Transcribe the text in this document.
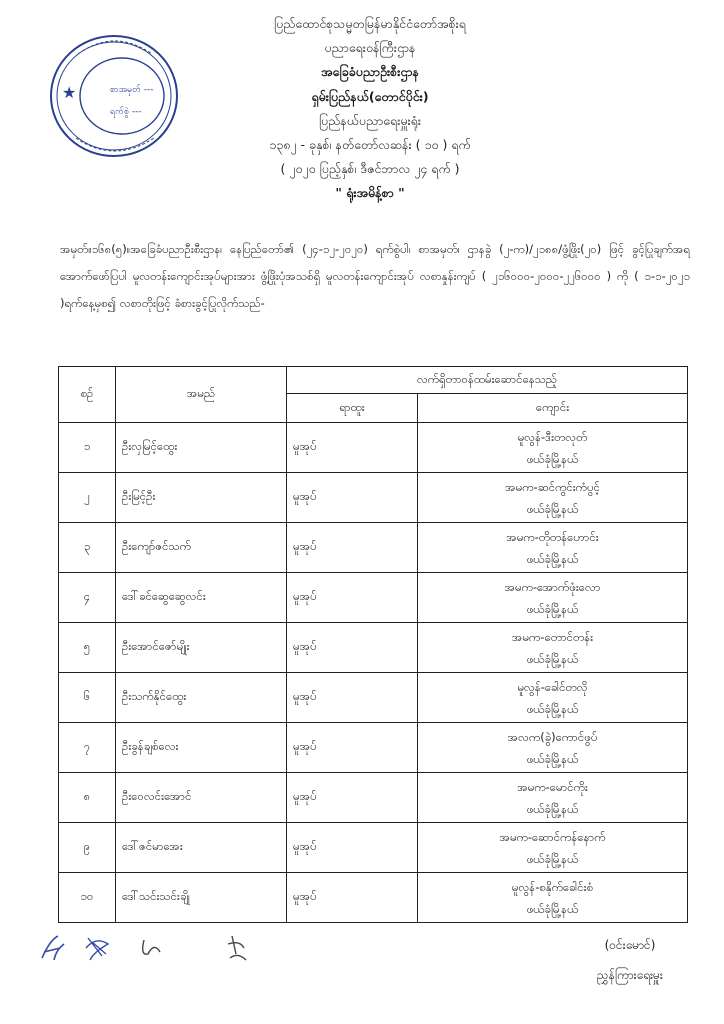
★	စာအမှတ် ---
ရက်စွဲ ---
ပြည်ထောင်စုသမ္မတမြန်မာနိုင်ငံတော်အစိုးရ
ပညာရေးဝန်ကြီးဌာန
အခြေခံပညာဦးစီးဌာန
ရှမ်းပြည်နယ်(တောင်ပိုင်း)
ပြည်နယ်ပညာရေးမှူးရုံး
၁၃၈၂ - ခုနှစ်၊ နတ်တော်လဆန်း ( ၁၀ ) ရက်
( ၂၀၂၀ ပြည့်နှစ်၊ ဒီဇင်ဘာလ ၂၄ ရက် )
" ရုံးအမိန့်စာ "
အမှတ်။၁၆၈(၅)။အခြေခံပညာဦးစီးဌာန၊ နေပြည်တော်၏ (၂၄-၁၂-၂၀၂၀) ရက်စွဲပါ၊ စာအမှတ်၊ ဌာနခွဲ (၂-က)/၂၁၈၈/ဖွံ့ဖြိုး(၂၀) ဖြင့် ခွင့်ပြုချက်အရ အောက်ဖော်ပြပါ မူလတန်းကျောင်းအုပ်များအား ဖွံ့ဖြိုးပုံအသစ်ရှိ မူလတန်းကျောင်းအုပ် လစာနှုန်းကျပ် ( ၂၁၆၀၀၀-၂၀၀၀-၂၂၆၀၀၀ ) ကို ( ၁-၁-၂၀၂၁ )ရက်နေ့မှစ၍ လစာတိုးဖြင့် ခံစားခွင့်ပြုလိုက်သည်-
စဉ်	အမည်	လက်ရှိတာဝန်ထမ်းဆောင်နေသည့်	
		ရာထူး	ကျောင်း
၁	ဦးလှမြင့်ထွေး	မူအုပ်	မူလွန်-ဒီးတလုတ်
ဖယ်ခုံမြို့နယ်

၂	ဦးမြင့်ဦး	မူအုပ်	အမက-ဆင်ကွင်းကံပွင့်
ဖယ်ခုံမြို့နယ်

၃	ဦးကျော်ဇင်သက်	မူအုပ်	အမက-တိုတန်ဟောင်း
ဖယ်ခုံမြို့နယ်

၄	ဒေါ်ခင်ဆွေဆွေလင်း	မူအုပ်	အမက-အောက်ဖုံးလော
ဖယ်ခုံမြို့နယ်

၅	ဦးအောင်ဇော်မျိုး	မူအုပ်	အမက-တောင်တန်း
ဖယ်ခုံမြို့နယ်

၆	ဦးသက်နိုင်ထွေး	မူအုပ်	မူလွန်-ခေါင်တလို
ဖယ်ခုံမြို့နယ်

၇	ဦးခွန်ချစ်လေး	မူအုပ်	အလက(ခွဲ)ကောင်ဖွပ်
ဖယ်ခုံမြို့နယ်

၈	ဦးဝေလင်းအောင်	မူအုပ်	အမက-မောင်ကိုး
ဖယ်ခုံမြို့နယ်

၉	ဒေါ်ဇင်မာအေး	မူအုပ်	အမက-ဆောင်ကန်နောက်
ဖယ်ခုံမြို့နယ်

၁၀	ဒေါ်သင်းသင်းချို	မူအုပ်	မူလွန်-စနိုက်ခေါင်းစံ
ဖယ်ခုံမြို့နယ်
(ဝင်းမောင်)
ညွှန်ကြားရေးမှူး
